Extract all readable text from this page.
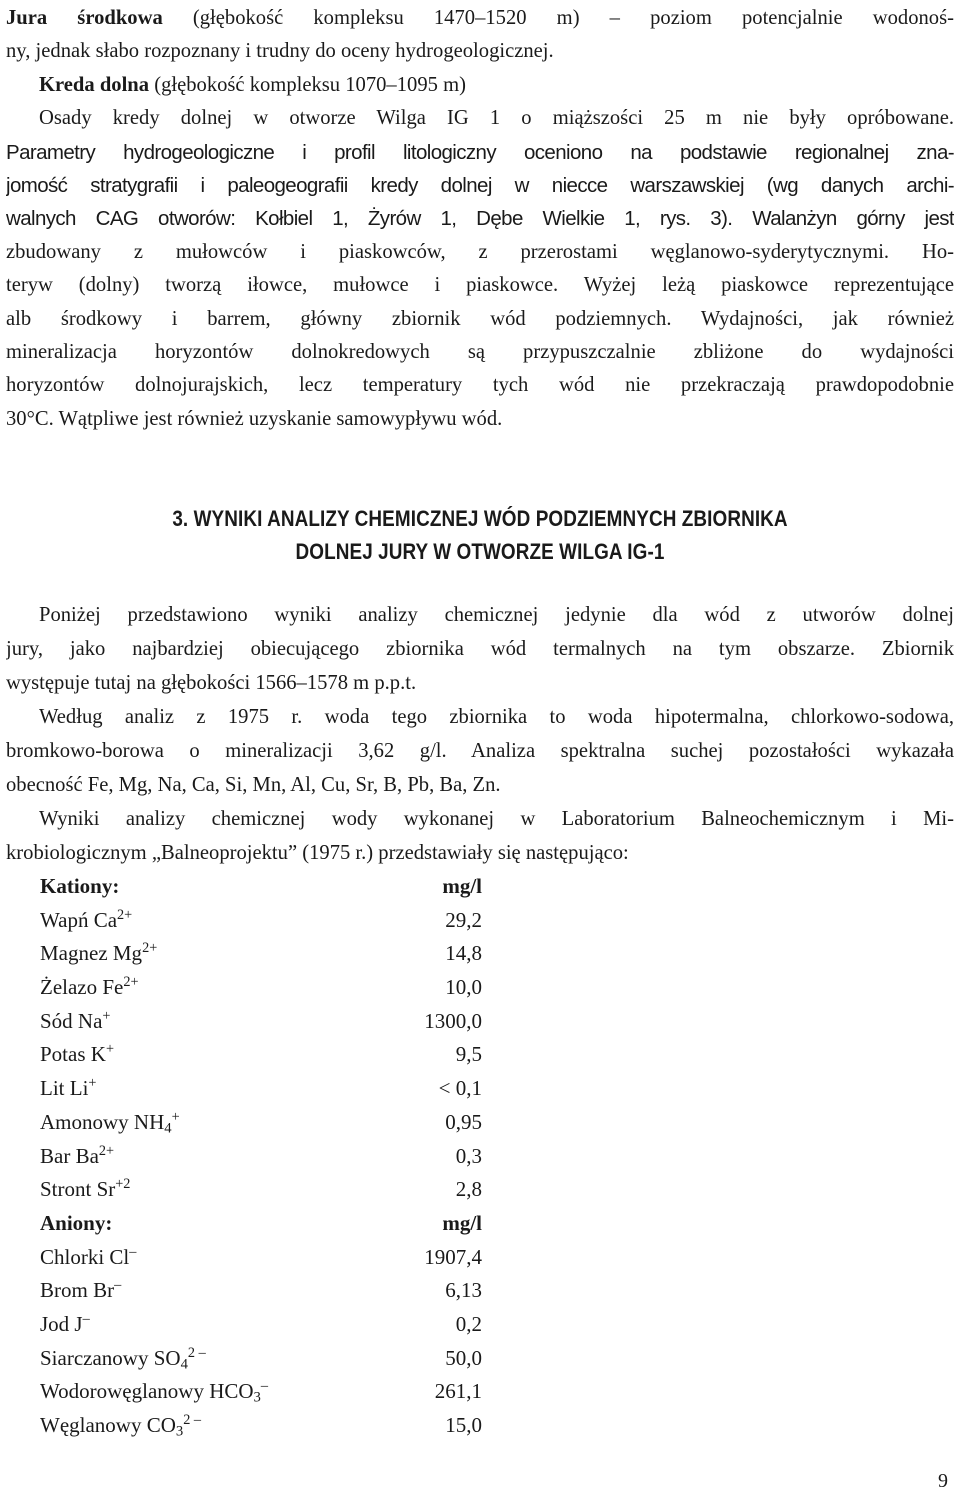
Jura środkowa (głębokość kompleksu 1470–1520 m) – poziom potencjalnie wodonoś-
ny, jednak słabo rozpoznany i trudny do oceny hydrogeologicznej.
Kreda dolna (głębokość kompleksu 1070–1095 m)
Osady kredy dolnej w otworze Wilga IG 1 o miąższości 25 m nie były opróbowane.
Parametry hydrogeologiczne i profil litologiczny oceniono na podstawie regionalnej zna-
jomość stratygrafii i paleogeografii kredy dolnej w niecce warszawskiej (wg danych archi-
walnych CAG otworów: Kołbiel 1, Żyrów 1, Dębe Wielkie 1, rys. 3). Walanżyn górny jest
zbudowany z mułowców i piaskowców, z przerostami węglanowo-syderytycznymi. Ho-
teryw (dolny) tworzą iłowce, mułowce i piaskowce. Wyżej leżą piaskowce reprezentujące
alb środkowy i barrem, główny zbiornik wód podziemnych. Wydajności, jak również
mineralizacja horyzontów dolnokredowych są przypuszczalnie zbliżone do wydajności
horyzontów dolnojurajskich, lecz temperatury tych wód nie przekraczają prawdopodobnie
30°C. Wątpliwe jest również uzyskanie samowypływu wód.
3. WYNIKI ANALIZY CHEMICZNEJ WÓD PODZIEMNYCH ZBIORNIKA
DOLNEJ JURY W OTWORZE WILGA IG-1
Poniżej przedstawiono wyniki analizy chemicznej jedynie dla wód z utworów dolnej
jury, jako najbardziej obiecującego zbiornika wód termalnych na tym obszarze. Zbiornik
występuje tutaj na głębokości 1566–1578 m p.p.t.
Według analiz z 1975 r. woda tego zbiornika to woda hipotermalna, chlorkowo-sodowa,
bromkowo-borowa o mineralizacji 3,62 g/l. Analiza spektralna suchej pozostałości wykazała
obecność Fe, Mg, Na, Ca, Si, Mn, Al, Cu, Sr, B, Pb, Ba, Zn.
Wyniki analizy chemicznej wody wykonanej w Laboratorium Balneochemicznym i Mi-
krobiologicznym „Balneoprojektu” (1975 r.) przedstawiały się następująco:
Kationy:	mg/l
Wapń $Ca^{2+}$	29,2
Magnez $Mg^{2+}$	14,8
Żelazo $Fe^{2+}$	10,0
Sód Na+	1300,0
Potas K+	9,5
Lit Li+	< 0,1
Amonowy $NH_4^+$	0,95
Bar $Ba^{2+}$	0,3
Stront $Sr^{+2}$	2,8
Aniony:	mg/l
Chlorki Cl–	1907,4
Brom Br–	6,13
Jod J–	0,2
Siarczanowy $SO_4^{2 -}$	50,0
Wodorowęglanowy $HCO_3^-$	261,1
Węglanowy $CO_3^{2 -}$	15,0
9
